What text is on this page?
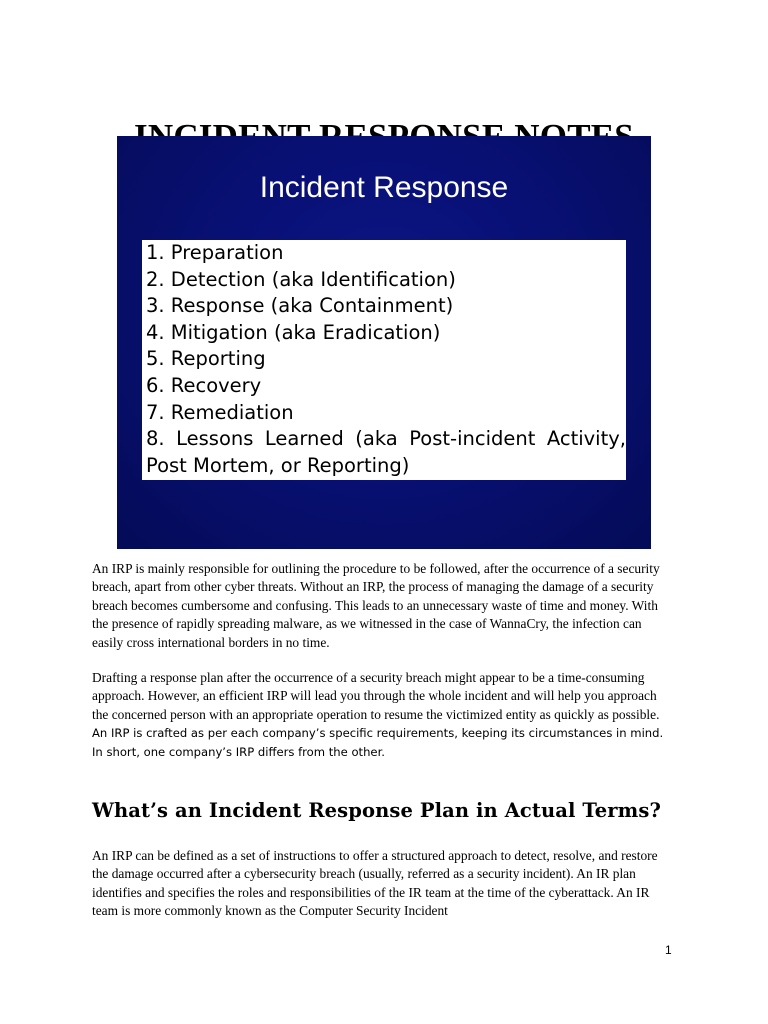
Incident Response
1. Preparation
2. Detection (aka Identification)
3. Response (aka Containment)
4. Mitigation (aka Eradication)
5. Reporting
6. Recovery
7. Remediation
8. Lessons Learned (aka Post-incident Activity, Post Mortem, or Reporting)

An IRP is mainly responsible for outlining the procedure to be followed, after the occurrence of a security breach, apart from other cyber threats. Without an IRP, the process of managing the damage of a security breach becomes cumbersome and confusing. This leads to an unnecessary waste of time and money. With the presence of rapidly spreading malware, as we witnessed in the case of WannaCry, the infection can easily cross international borders in no time.

Drafting a response plan after the occurrence of a security breach might appear to be a time-consuming approach. However, an efficient IRP will lead you through the whole incident and will help you approach the concerned person with an appropriate operation to resume the victimized entity as quickly as possible. An IRP is crafted as per each company’s specific requirements, keeping its circumstances in mind. In short, one company’s IRP differs from the other.

What’s an Incident Response Plan in Actual Terms?

An IRP can be defined as a set of instructions to offer a structured approach to detect, resolve, and restore the damage occurred after a cybersecurity breach (usually, referred as a security incident). An IR plan identifies and specifies the roles and responsibilities of the IR team at the time of the cyberattack. An IR team is more commonly known as the Computer Security Incident

1
